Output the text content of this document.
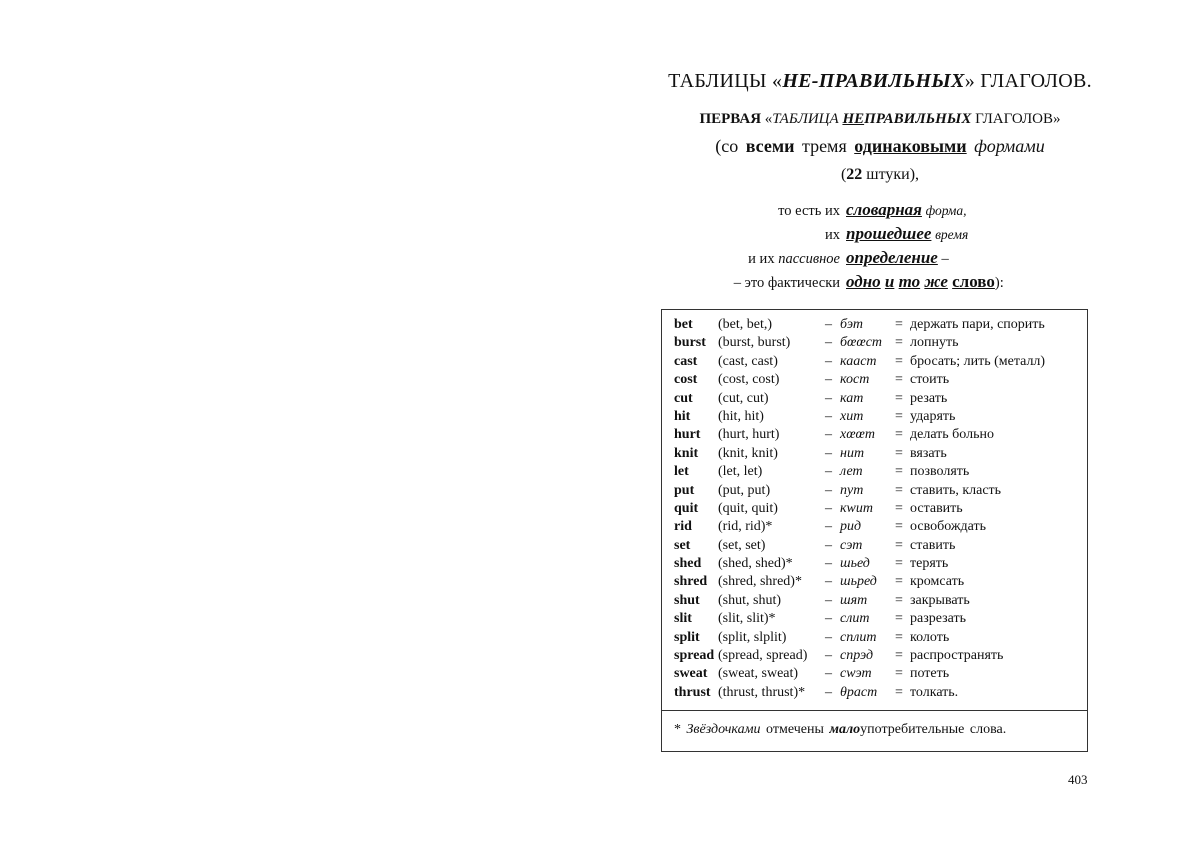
ТАБЛИЦЫ «НЕ-ПРАВИЛЬНЫХ» ГЛАГОЛОВ.
ПЕРВАЯ «ТАБЛИЦА НЕПРАВИЛЬНЫХ ГЛАГОЛОВ»
(со всеми тремя одинаковыми формами
(22 штуки),
то есть их словарная форма,
их прошедшее время
и их пассивное определение –
– это фактически одно и то же слово):
bet (bet, bet,)	– бэт = держать пари, спорить
burst (burst, burst) – бœœст = лопнуть
cast (cast, cast)	– каaст = бросать; лить (металл)
cost (cost, cost)	– кост = стоить
cut (cut, cut)	– кат = резать
hit (hit, hit)	– хит = ударять
hurt (hurt, hurt)	– хœœт = делать больно
knit (knit, knit)	– нит = вязать
let (let, let)	– лет = позволять
put (put, put)	– пут = ставить, класть
quit (quit, quit)	– кwит = оставить
rid (rid, rid)*	– рид = освобождать
set (set, set)	– сэт = ставить
shed (shed, shed)* – шьед = терять
shred (shred, shred)* – шьред = кромсать
shut (shut, shut)	– шят = закрывать
slit (slit, slit)*	– слит = разрезать
split (split, slplit)	– сплит = колоть
spread (spread, spread) – спрэд = распространять
sweat (sweat, sweat) – сwэт = потеть
thrust (thrust, thrust)* – θраст = толкать.
* Звёздочками отмечены малоупотребительные слова.
403
